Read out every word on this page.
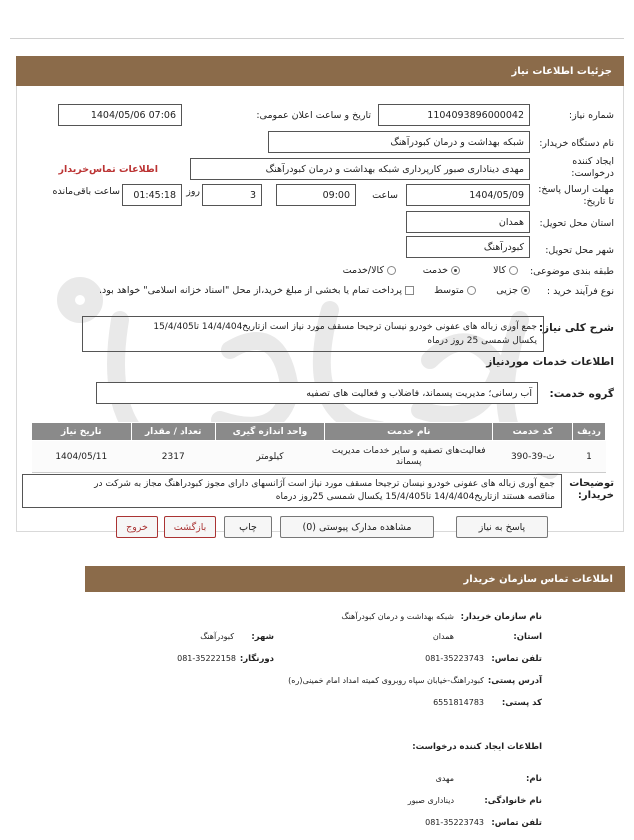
جزئیات اطلاعات نیاز
شماره نیاز:
1104093896000042
تاریخ و ساعت اعلان عمومی:
1404/05/06 07:06
نام دستگاه خریدار:
شبکه بهداشت و درمان کبودرآهنگ
ایجاد کننده درخواست:
مهدی دیناداری صبور کارپرداری شبکه بهداشت و درمان کبودرآهنگ
اطلاعات تماس‌خریدار
مهلت ارسال پاسخ: تا تاریخ:
1404/05/09
ساعت
09:00
3
روز
01:45:18
ساعت باقی‌مانده
استان محل تحویل:
همدان
شهر محل تحویل:
کبودرآهنگ
طبقه بندی موضوعی:
کالا
خدمت
کالا/خدمت
نوع فرآیند خرید :
جزیی
متوسط
پرداخت تمام یا بخشی از مبلغ خرید،از محل "اسناد خزانه اسلامی" خواهد بود.
شرح کلی نیاز:
جمع آوری زباله های عفونی خودرو نیسان ترجیحا مسقف مورد نیاز است ازتاریخ14/4/404 تا15/4/405
یکسال شمسی 25 روز درماه
اطلاعات خدمات موردنیاز
گروه خدمت:
آب رسانی؛ مدیریت پسماند، فاضلاب و فعالیت های تصفیه
ردیف	کد خدمت	نام خدمت	واحد اندازه گیری	تعداد / مقدار	تاریخ نیاز
1	ث-39-390	فعالیت‌های تصفیه و سایر خدمات مدیریت
پسماند	کیلومتر	2317	1404/05/11
توضیحات خریدار:
جمع آوری زباله های عفونی خودرو نیسان ترجیحا مسقف مورد نیاز است آژانسهای دارای مجوز کبودراهنگ مجاز به شرکت در
مناقصه هستند ازتاریخ14/4/404 تا15/4/405 یکسال شمسی 25روز درماه
پاسخ به نیاز
مشاهده مدارک پیوستی (0)
چاپ
بازگشت
خروج
اطلاعات تماس سازمان خریدار
نام سازمان خریدار:
شبکه بهداشت و درمان کبودرآهنگ
استان:
همدان
شهر:
کبودرآهنگ
تلفن تماس:
081-35223743
دورنگار:
081-35222158
آدرس پستی:
کبودراهنگ-خیابان سپاه روبروی کمیته امداد امام خمینی(ره)
کد پستی:
6551814783
اطلاعات ایجاد کننده درخواست:
نام:
مهدی
نام خانوادگی:
دیناداری صبور
تلفن تماس:
081-35223743
